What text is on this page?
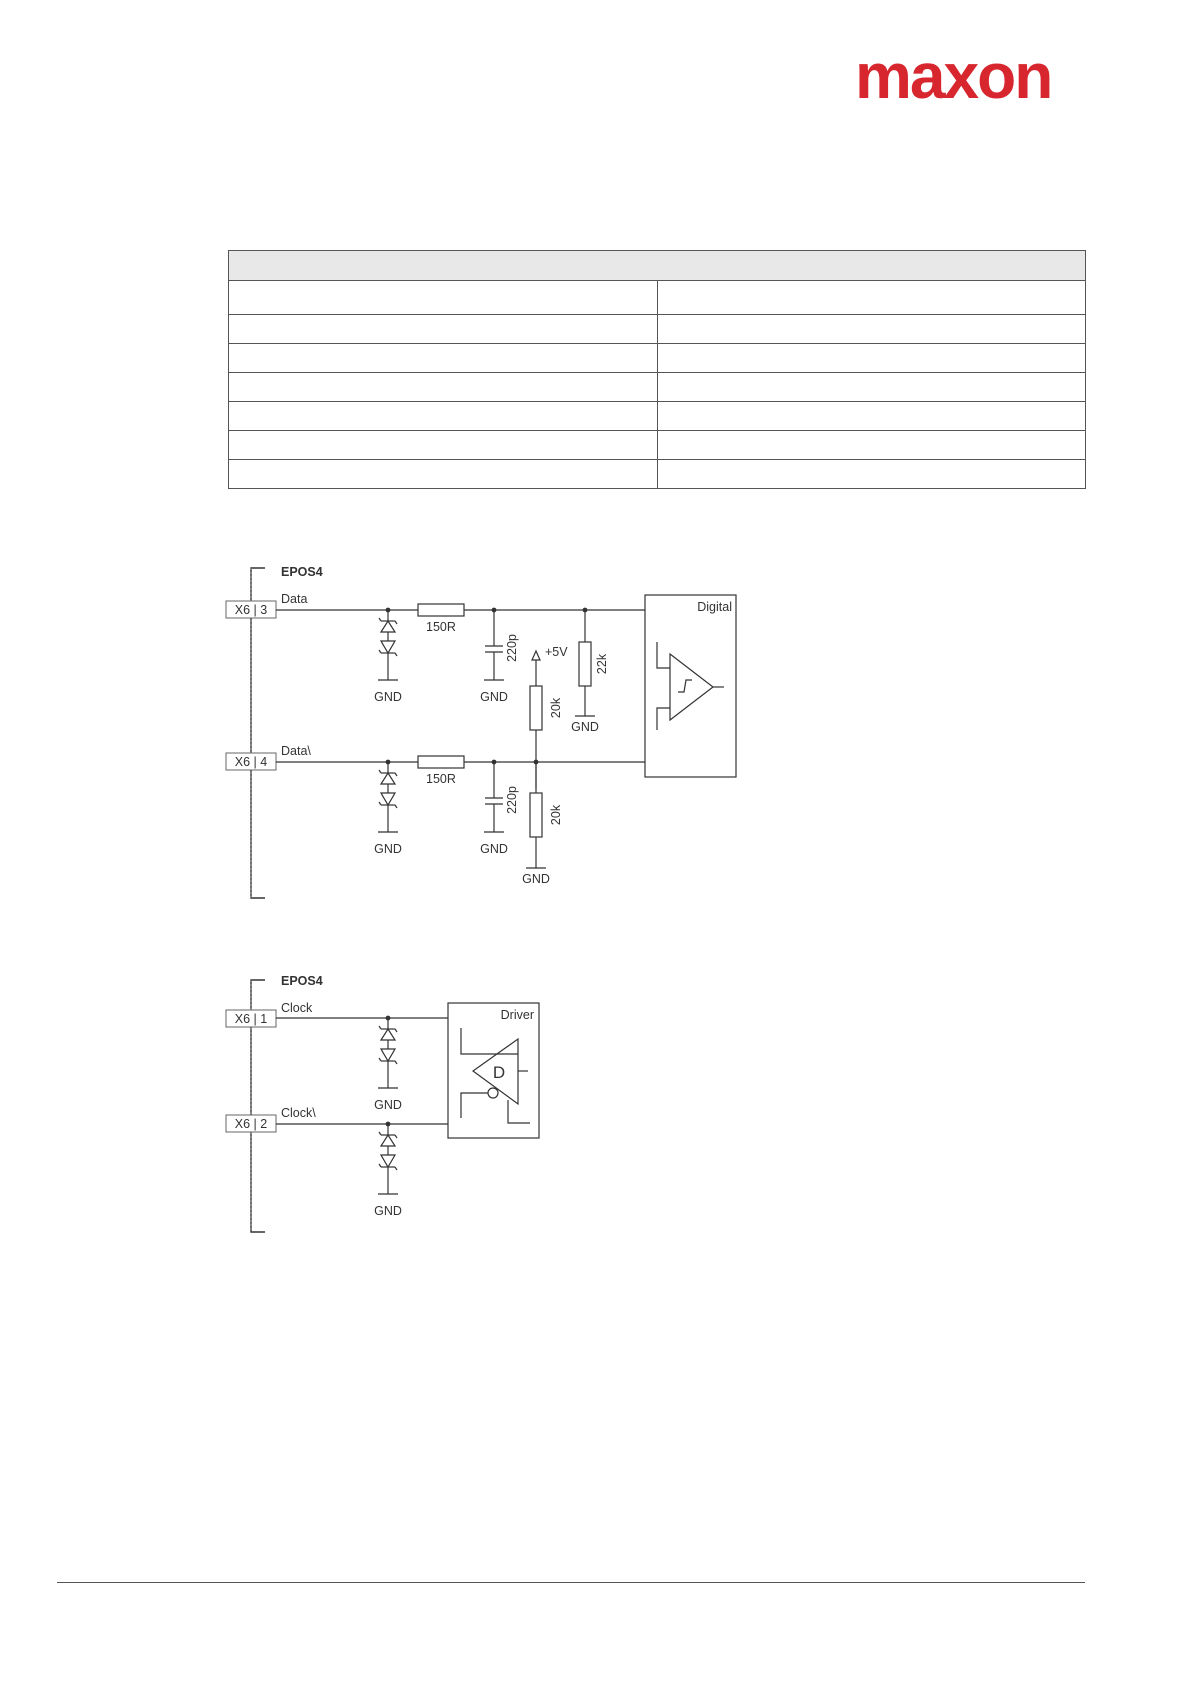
maxon

EPOS4
X6 | 3
Data
X6 | 4
Data\
150R
GND
220p
GND
22k
GND
+5V
20k
150R
GND
220p
GND
20k
GND
Digital
EPOS4
X6 | 1
Clock
X6 | 2
Clock\
GND
GND
Driver
D
